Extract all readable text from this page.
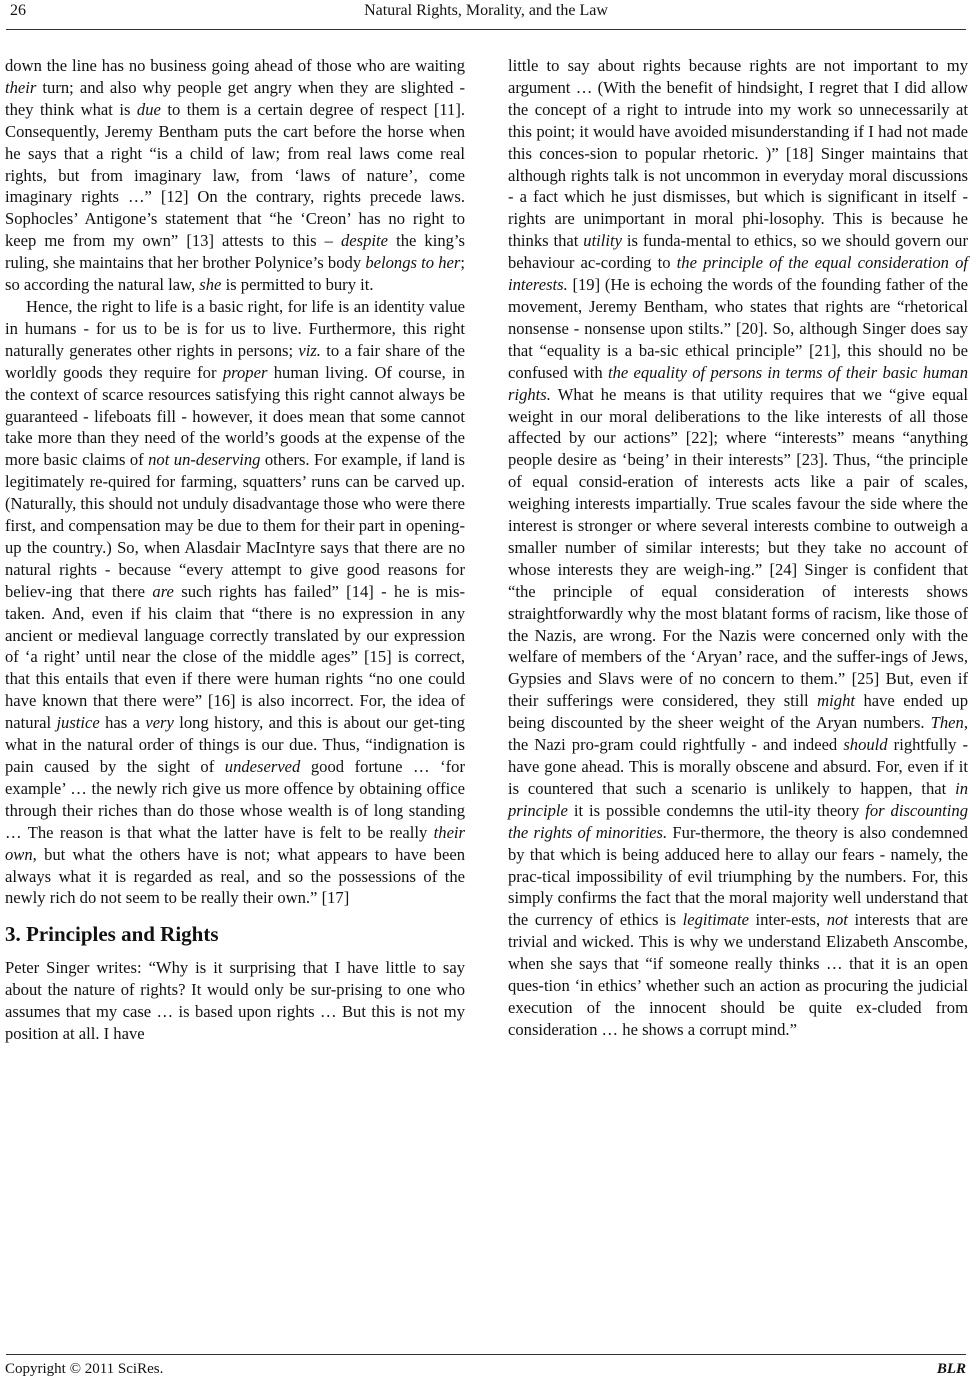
26	Natural Rights, Morality, and the Law

down the line has no business going ahead of those who are waiting their turn; and also why people get angry when they are slighted - they think what is due to them is a certain degree of respect [11]. Consequently, Jeremy Bentham puts the cart before the horse when he says that a right “is a child of law; from real laws come real rights, but from imaginary law, from ‘laws of nature’, come imaginary rights …” [12] On the contrary, rights precede laws. Sophocles’ Antigone’s statement that “he ‘Creon’ has no right to keep me from my own” [13] attests to this – despite the king’s ruling, she maintains that her brother Polynice’s body belongs to her; so according the natural law, she is permitted to bury it.

Hence, the right to life is a basic right, for life is an identity value in humans - for us to be is for us to live. Furthermore, this right naturally generates other rights in persons; viz. to a fair share of the worldly goods they require for proper human living. Of course, in the context of scarce resources satisfying this right cannot always be guaranteed - lifeboats fill - however, it does mean that some cannot take more than they need of the world’s goods at the expense of the more basic claims of not un-deserving others. For example, if land is legitimately re-quired for farming, squatters’ runs can be carved up. (Naturally, this should not unduly disadvantage those who were there first, and compensation may be due to them for their part in opening-up the country.) So, when Alasdair MacIntyre says that there are no natural rights - because “every attempt to give good reasons for believ-ing that there are such rights has failed” [14] - he is mis-taken. And, even if his claim that “there is no expression in any ancient or medieval language correctly translated by our expression of ‘a right’ until near the close of the middle ages” [15] is correct, that this entails that even if there were human rights “no one could have known that there were” [16] is also incorrect. For, the idea of natural justice has a very long history, and this is about our get-ting what in the natural order of things is our due. Thus, “indignation is pain caused by the sight of undeserved good fortune … ‘for example’ … the newly rich give us more offence by obtaining office through their riches than do those whose wealth is of long standing … The reason is that what the latter have is felt to be really their own, but what the others have is not; what appears to have been always what it is regarded as real, and so the possessions of the newly rich do not seem to be really their own.” [17]

3. Principles and Rights

Peter Singer writes: “Why is it surprising that I have little to say about the nature of rights? It would only be sur-prising to one who assumes that my case … is based upon rights … But this is not my position at all. I have

little to say about rights because rights are not important to my argument … (With the benefit of hindsight, I regret that I did allow the concept of a right to intrude into my work so unnecessarily at this point; it would have avoided misunderstanding if I had not made this conces-sion to popular rhetoric. )” [18] Singer maintains that although rights talk is not uncommon in everyday moral discussions - a fact which he just dismisses, but which is significant in itself - rights are unimportant in moral phi-losophy. This is because he thinks that utility is funda-mental to ethics, so we should govern our behaviour ac-cording to the principle of the equal consideration of interests. [19] (He is echoing the words of the founding father of the movement, Jeremy Bentham, who states that rights are “rhetorical nonsense - nonsense upon stilts.” [20]. So, although Singer does say that “equality is a ba-sic ethical principle” [21], this should no be confused with the equality of persons in terms of their basic human rights. What he means is that utility requires that we “give equal weight in our moral deliberations to the like interests of all those affected by our actions” [22]; where “interests” means “anything people desire as ‘being’ in their interests” [23]. Thus, “the principle of equal consid-eration of interests acts like a pair of scales, weighing interests impartially. True scales favour the side where the interest is stronger or where several interests combine to outweigh a smaller number of similar interests; but they take no account of whose interests they are weigh-ing.” [24] Singer is confident that “the principle of equal consideration of interests shows straightforwardly why the most blatant forms of racism, like those of the Nazis, are wrong. For the Nazis were concerned only with the welfare of members of the ‘Aryan’ race, and the suffer-ings of Jews, Gypsies and Slavs were of no concern to them.” [25] But, even if their sufferings were considered, they still might have ended up being discounted by the sheer weight of the Aryan numbers. Then, the Nazi pro-gram could rightfully - and indeed should rightfully - have gone ahead. This is morally obscene and absurd. For, even if it is countered that such a scenario is unlikely to happen, that in principle it is possible condemns the util-ity theory for discounting the rights of minorities. Fur-thermore, the theory is also condemned by that which is being adduced here to allay our fears - namely, the prac-tical impossibility of evil triumphing by the numbers. For, this simply confirms the fact that the moral majority well understand that the currency of ethics is legitimate inter-ests, not interests that are trivial and wicked. This is why we understand Elizabeth Anscombe, when she says that “if someone really thinks … that it is an open ques-tion ‘in ethics’ whether such an action as procuring the judicial execution of the innocent should be quite ex-cluded from consideration … he shows a corrupt mind.”

Copyright © 2011 SciRes.	BLR
